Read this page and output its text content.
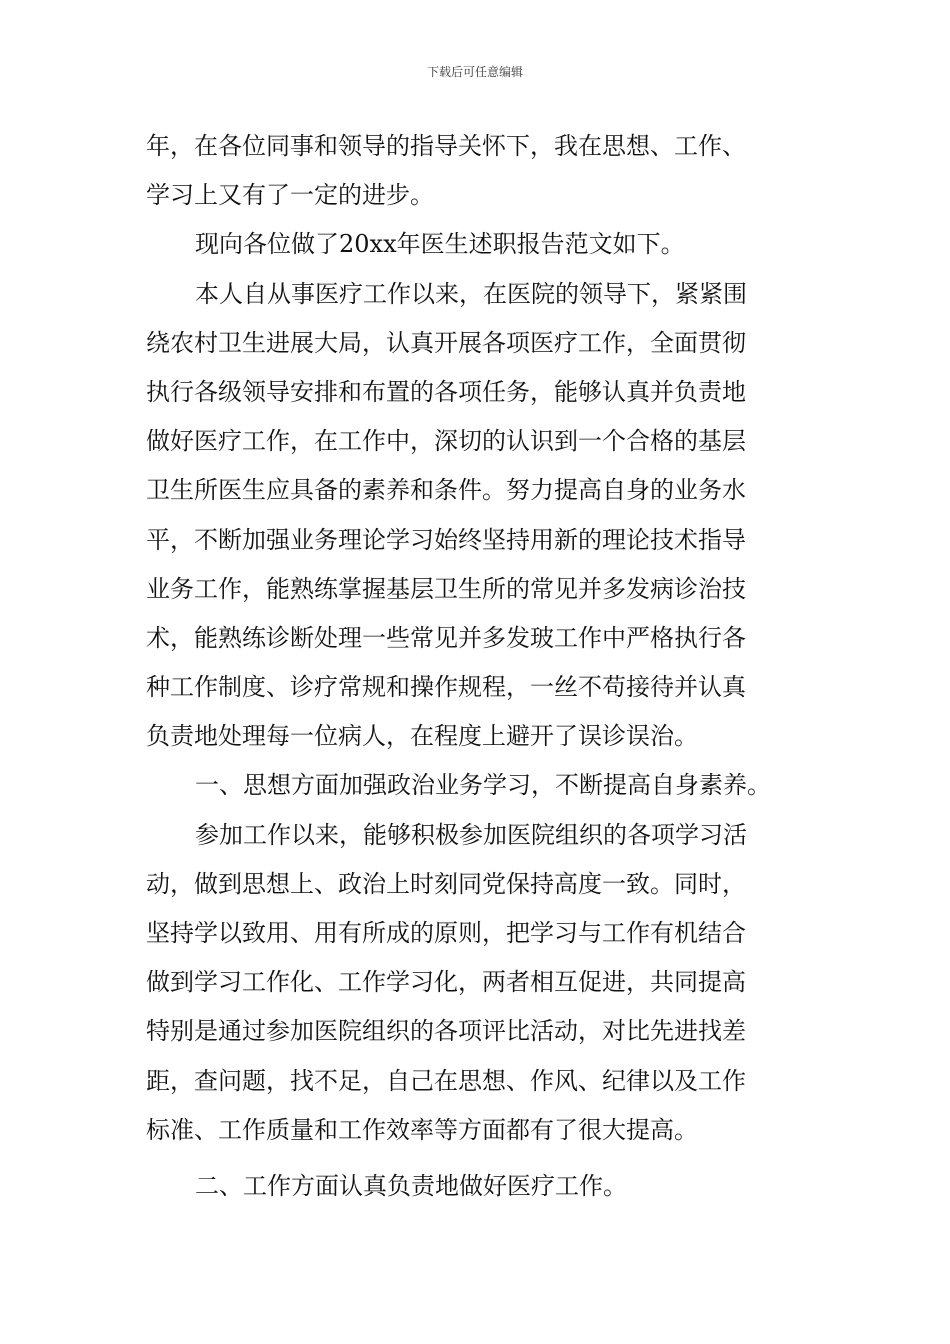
下载后可任意编辑
年，在各位同事和领导的指导关怀下，我在思想、工作、
学习上又有了一定的进步。
现向各位做了20xx年医生述职报告范文如下。
本人自从事医疗工作以来，在医院的领导下，紧紧围
绕农村卫生进展大局，认真开展各项医疗工作，全面贯彻
执行各级领导安排和布置的各项任务，能够认真并负责地
做好医疗工作，在工作中，深切的认识到一个合格的基层
卫生所医生应具备的素养和条件。努力提高自身的业务水
平，不断加强业务理论学习始终坚持用新的理论技术指导
业务工作，能熟练掌握基层卫生所的常见并多发病诊治技
术，能熟练诊断处理一些常见并多发玻工作中严格执行各
种工作制度、诊疗常规和操作规程，一丝不苟接待并认真
负责地处理每一位病人，在程度上避开了误诊误治。
一、思想方面加强政治业务学习，不断提高自身素养。
参加工作以来，能够积极参加医院组织的各项学习活
动，做到思想上、政治上时刻同党保持高度一致。同时，
坚持学以致用、用有所成的原则，把学习与工作有机结合
做到学习工作化、工作学习化，两者相互促进，共同提高
特别是通过参加医院组织的各项评比活动，对比先进找差
距，查问题，找不足，自己在思想、作风、纪律以及工作
标准、工作质量和工作效率等方面都有了很大提高。
二、工作方面认真负责地做好医疗工作。
